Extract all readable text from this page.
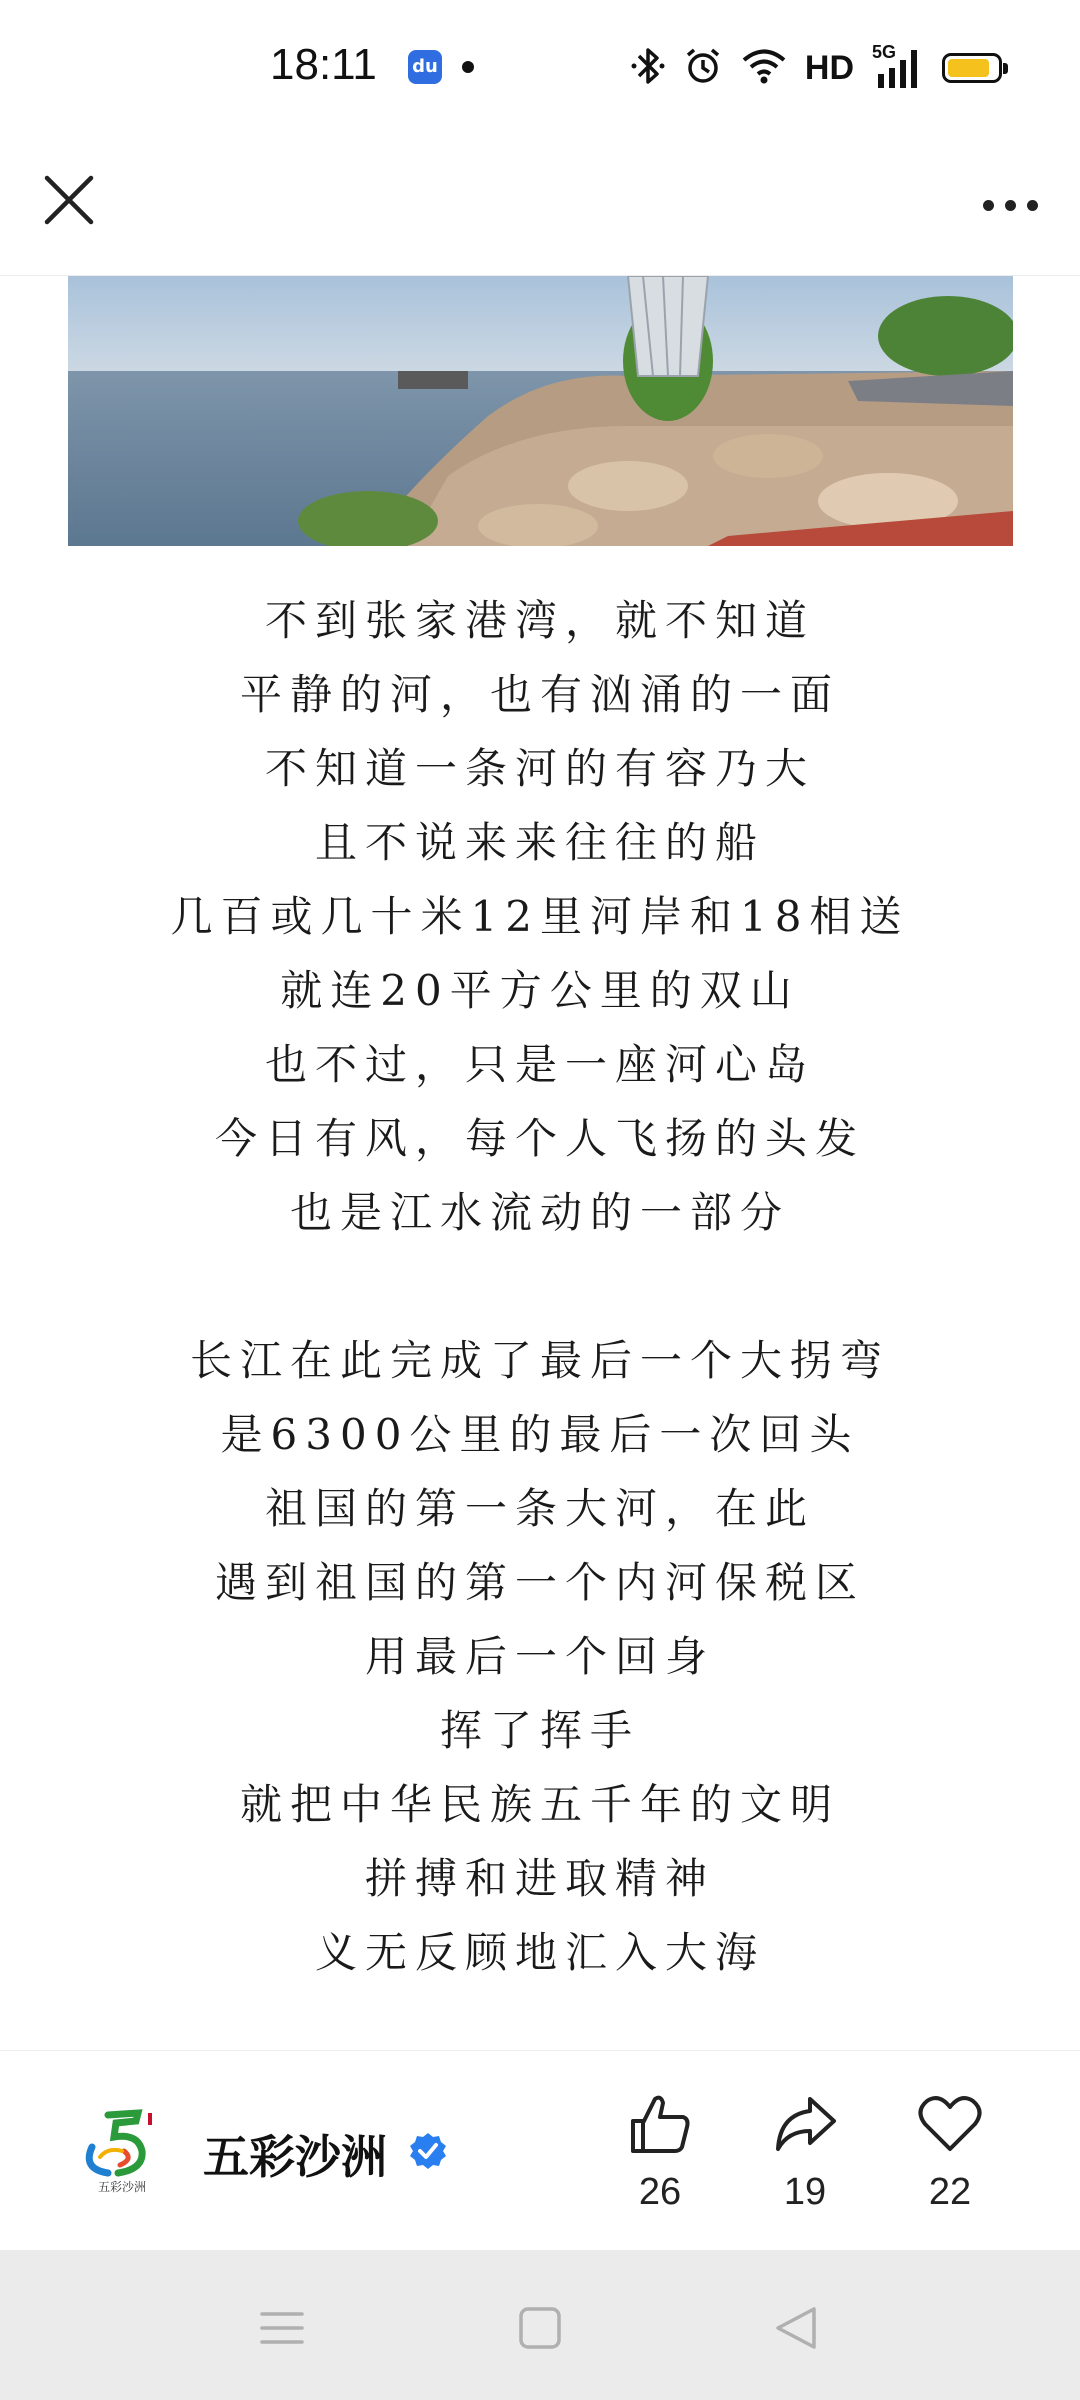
18:11 du	HD 5G
不到张家港湾，就不知道
平静的河，也有汹涌的一面
不知道一条河的有容乃大
且不说来来往往的船
几百或几十米12里河岸和18相送
就连20平方公里的双山
也不过，只是一座河心岛
今日有风，每个人飞扬的头发
也是江水流动的一部分
长江在此完成了最后一个大拐弯
是6300公里的最后一次回头
祖国的第一条大河，在此
遇到祖国的第一个内河保税区
用最后一个回身
挥了挥手
就把中华民族五千年的文明
拼搏和进取精神
义无反顾地汇入大海
五彩沙洲
五彩沙洲
26	19	22
